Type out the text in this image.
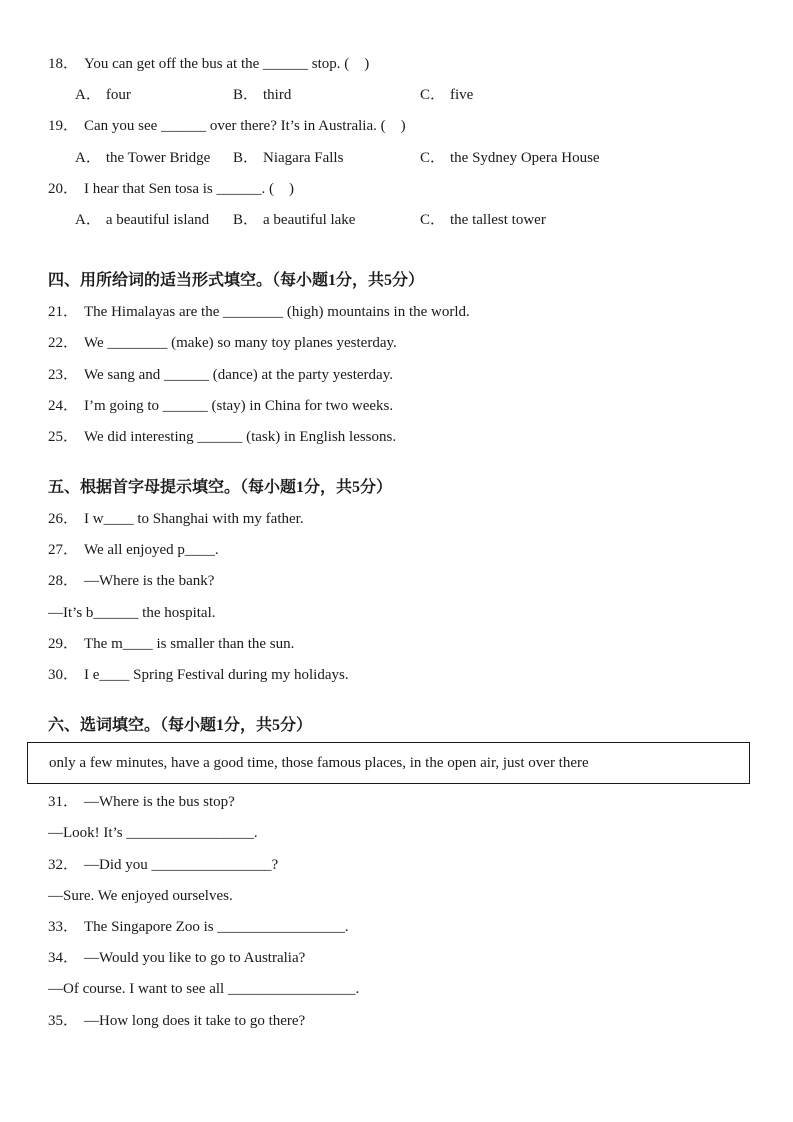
18． You can get off the bus at the ______ stop. (　)
A． four	B． third	C． five
19． Can you see ______ over there? It’s in Australia. (　)
A． the Tower Bridge	B． Niagara Falls	C． the Sydney Opera House
20． I hear that Sen tosa is ______. (　)
A． a beautiful island	B． a beautiful lake	C． the tallest tower
四、用所给词的适当形式填空。（每小题1分，共5分）
21． The Himalayas are the ________ (high) mountains in the world.
22． We ________ (make) so many toy planes yesterday.
23． We sang and ______ (dance) at the party yesterday.
24． I’m going to ______ (stay) in China for two weeks.
25． We did interesting ______ (task) in English lessons.
五、根据首字母提示填空。（每小题1分，共5分）
26． I w____ to Shanghai with my father.
27． We all enjoyed p____.
28． —Where is the bank?
—It’s b______ the hospital.
29． The m____ is smaller than the sun.
30． I e____ Spring Festival during my holidays.
六、选词填空。（每小题1分，共5分）
only a few minutes, have a good time, those famous places, in the open air, just over there
31． —Where is the bus stop?
—Look! It’s _________________.
32． —Did you ________________?
—Sure. We enjoyed ourselves.
33． The Singapore Zoo is _________________.
34． —Would you like to go to Australia?
—Of course. I want to see all _________________.
35． —How long does it take to go there?
